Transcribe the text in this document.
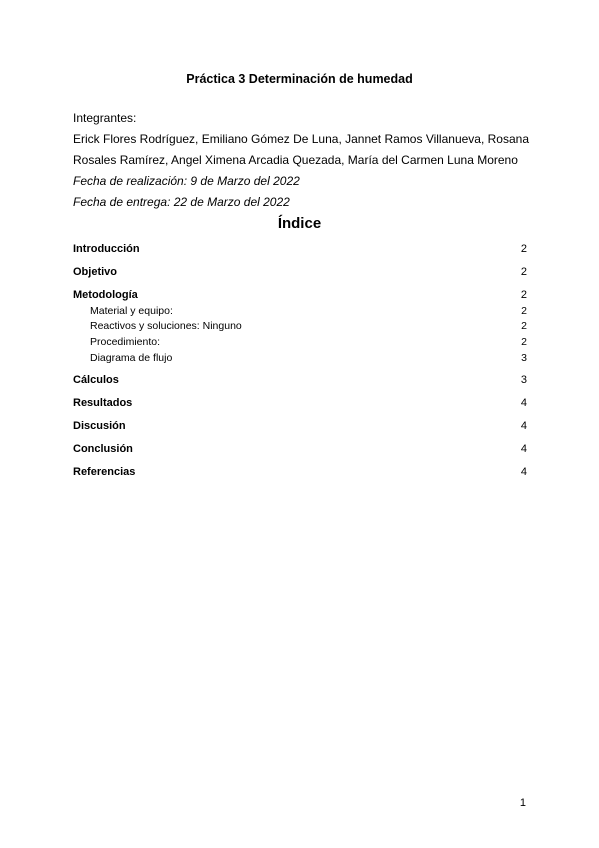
Práctica 3 Determinación de humedad
Integrantes:
Erick Flores Rodríguez, Emiliano Gómez De Luna, Jannet Ramos Villanueva, Rosana
Rosales Ramírez, Angel Ximena Arcadia Quezada, María del Carmen Luna Moreno
Fecha de realización: 9 de Marzo del 2022
Fecha de entrega: 22 de Marzo del 2022
Índice
Introducción	2
Objetivo	2
Metodología	2
Material y equipo:	2
Reactivos y soluciones: Ninguno	2
Procedimiento:	2
Diagrama de flujo	3
Cálculos	3
Resultados	4
Discusión	4
Conclusión	4
Referencias	4
1
